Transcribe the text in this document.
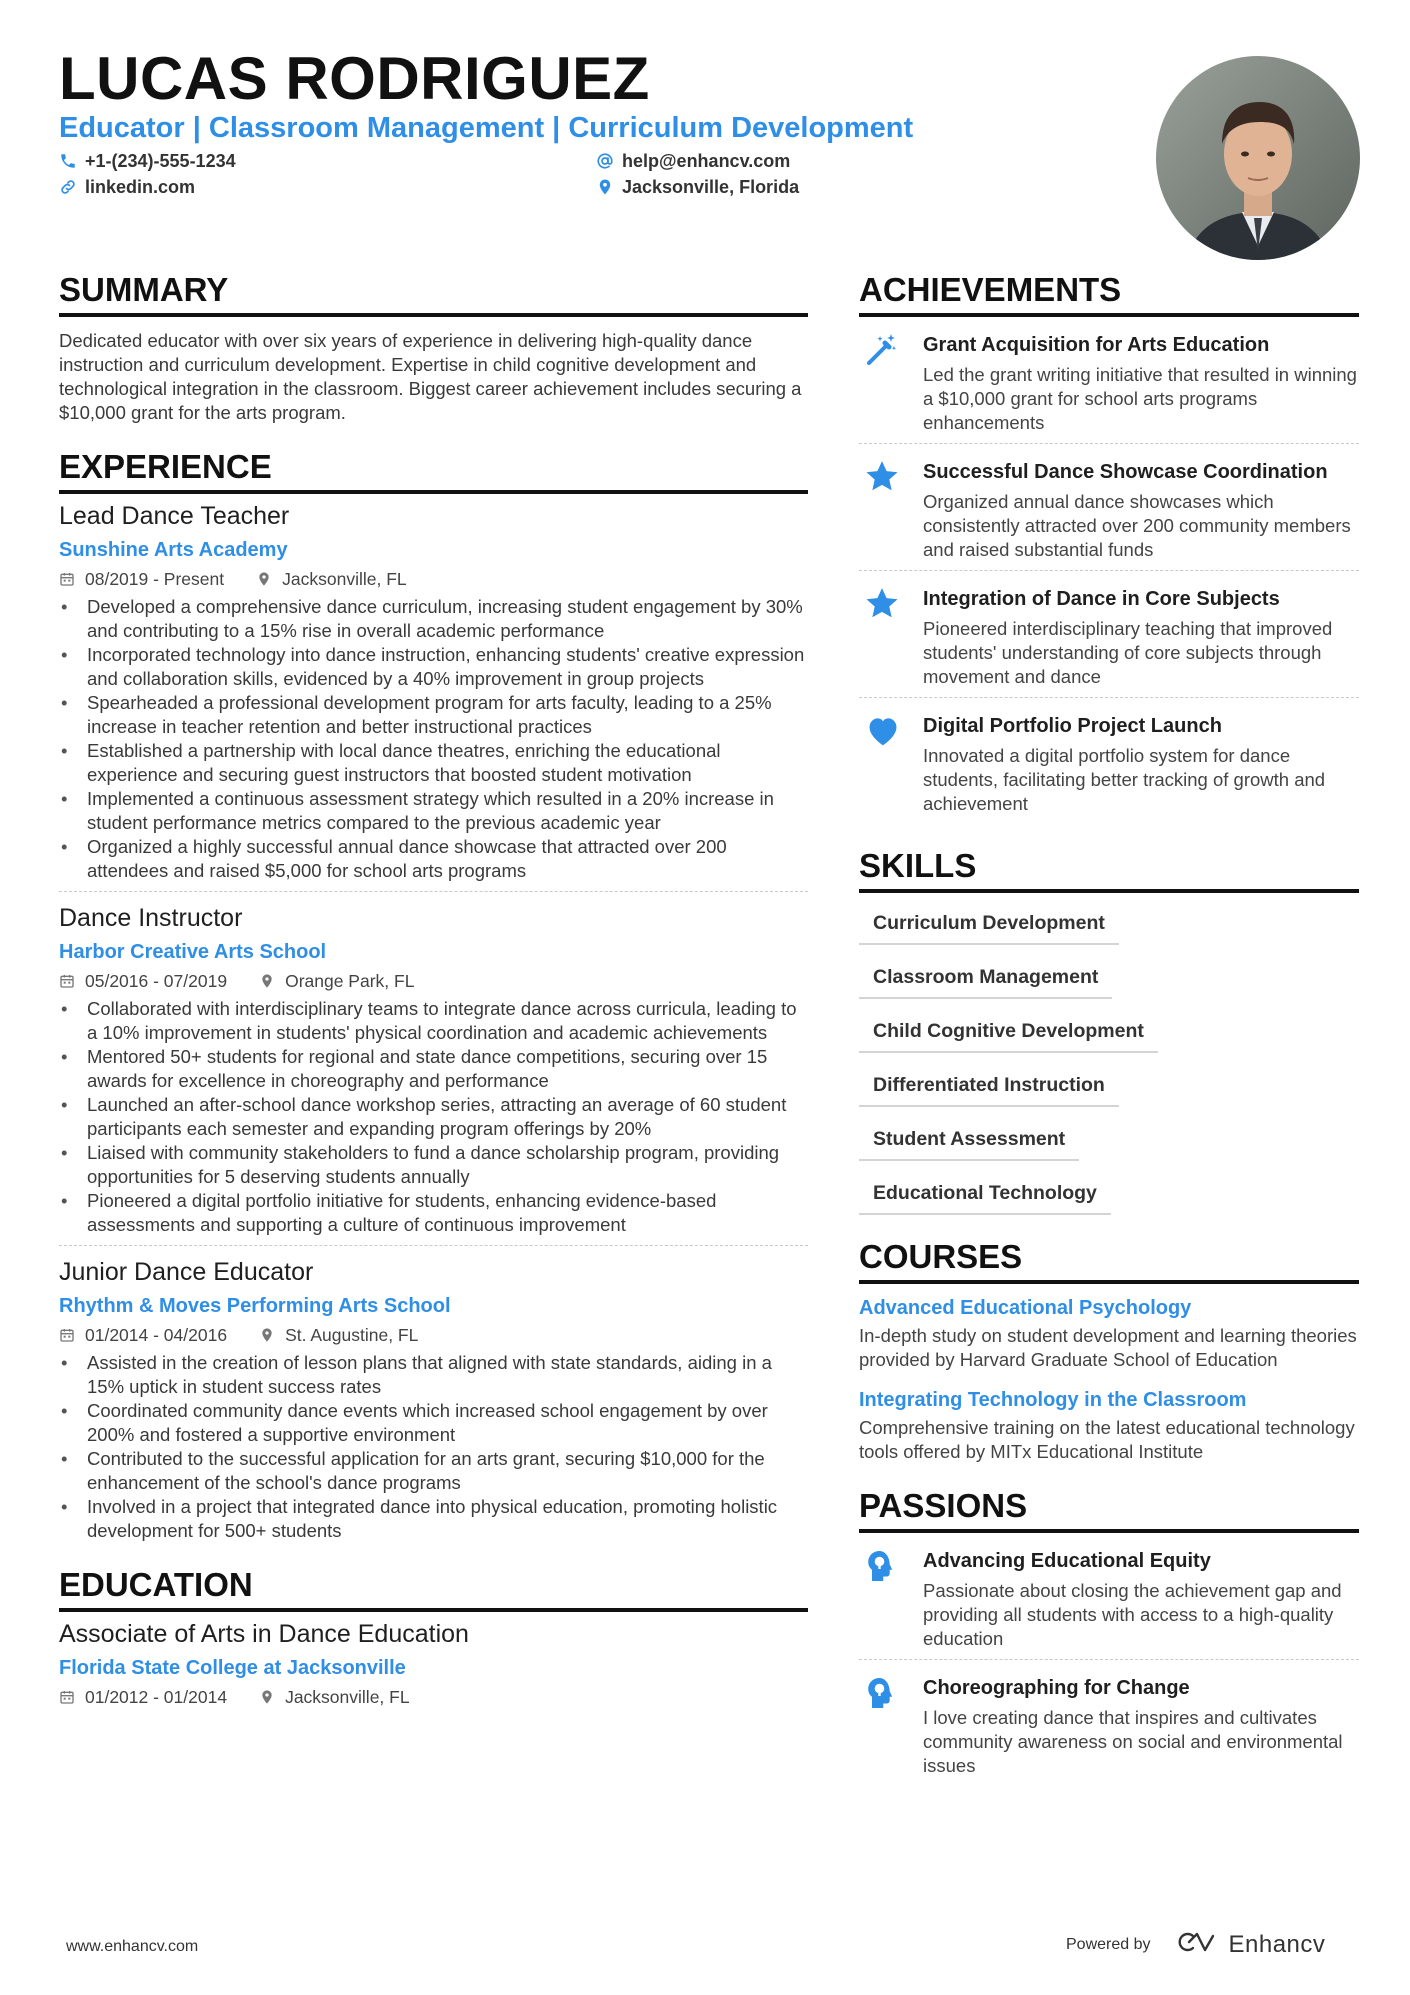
LUCAS RODRIGUEZ
Educator | Classroom Management | Curriculum Development
+1-(234)-555-1234	help@enhancv.com
linkedin.com	Jacksonville, Florida
SUMMARY
Dedicated educator with over six years of experience in delivering high-quality dance instruction and curriculum development. Expertise in child cognitive development and technological integration in the classroom. Biggest career achievement includes securing a $10,000 grant for the arts program.
EXPERIENCE
Lead Dance Teacher
Sunshine Arts Academy
08/2019 - Present	Jacksonville, FL
• Developed a comprehensive dance curriculum, increasing student engagement by 30% and contributing to a 15% rise in overall academic performance
• Incorporated technology into dance instruction, enhancing students' creative expression and collaboration skills, evidenced by a 40% improvement in group projects
• Spearheaded a professional development program for arts faculty, leading to a 25% increase in teacher retention and better instructional practices
• Established a partnership with local dance theatres, enriching the educational experience and securing guest instructors that boosted student motivation
• Implemented a continuous assessment strategy which resulted in a 20% increase in student performance metrics compared to the previous academic year
• Organized a highly successful annual dance showcase that attracted over 200 attendees and raised $5,000 for school arts programs
Dance Instructor
Harbor Creative Arts School
05/2016 - 07/2019	Orange Park, FL
• Collaborated with interdisciplinary teams to integrate dance across curricula, leading to a 10% improvement in students' physical coordination and academic achievements
• Mentored 50+ students for regional and state dance competitions, securing over 15 awards for excellence in choreography and performance
• Launched an after-school dance workshop series, attracting an average of 60 student participants each semester and expanding program offerings by 20%
• Liaised with community stakeholders to fund a dance scholarship program, providing opportunities for 5 deserving students annually
• Pioneered a digital portfolio initiative for students, enhancing evidence-based assessments and supporting a culture of continuous improvement
Junior Dance Educator
Rhythm & Moves Performing Arts School
01/2014 - 04/2016	St. Augustine, FL
• Assisted in the creation of lesson plans that aligned with state standards, aiding in a 15% uptick in student success rates
• Coordinated community dance events which increased school engagement by over 200% and fostered a supportive environment
• Contributed to the successful application for an arts grant, securing $10,000 for the enhancement of the school's dance programs
• Involved in a project that integrated dance into physical education, promoting holistic development for 500+ students
EDUCATION
Associate of Arts in Dance Education
Florida State College at Jacksonville
01/2012 - 01/2014	Jacksonville, FL
ACHIEVEMENTS
Grant Acquisition for Arts Education
Led the grant writing initiative that resulted in winning a $10,000 grant for school arts programs enhancements
Successful Dance Showcase Coordination
Organized annual dance showcases which consistently attracted over 200 community members and raised substantial funds
Integration of Dance in Core Subjects
Pioneered interdisciplinary teaching that improved students' understanding of core subjects through movement and dance
Digital Portfolio Project Launch
Innovated a digital portfolio system for dance students, facilitating better tracking of growth and achievement
SKILLS
Curriculum Development
Classroom Management
Child Cognitive Development
Differentiated Instruction
Student Assessment
Educational Technology
COURSES
Advanced Educational Psychology
In-depth study on student development and learning theories provided by Harvard Graduate School of Education
Integrating Technology in the Classroom
Comprehensive training on the latest educational technology tools offered by MITx Educational Institute
PASSIONS
Advancing Educational Equity
Passionate about closing the achievement gap and providing all students with access to a high-quality education
Choreographing for Change
I love creating dance that inspires and cultivates community awareness on social and environmental issues
www.enhancv.com	Powered by	Enhancv
